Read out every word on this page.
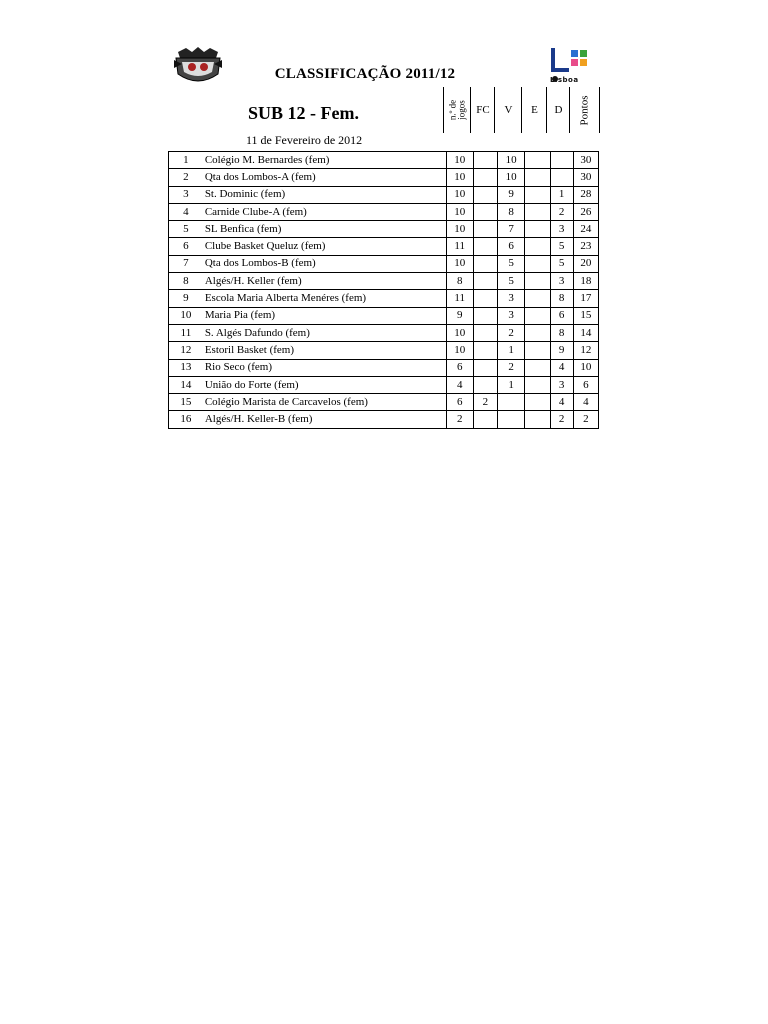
Lisboa
CLASSIFICAÇÃO 2011/12
SUB 12 - Fem.
11 de Fevereiro de 2012
n.º de jogos FC V E D Pontos
1	Colégio M. Bernardes (fem)	10		10			30
2	Qta dos Lombos-A (fem)	10		10			30
3	St. Dominic (fem)	10		9		1	28
4	Carnide Clube-A (fem)	10		8		2	26
5	SL Benfica (fem)	10		7		3	24
6	Clube Basket Queluz (fem)	11		6		5	23
7	Qta dos Lombos-B (fem)	10		5		5	20
8	Algés/H. Keller (fem)	8		5		3	18
9	Escola Maria Alberta Menéres (fem)	11		3		8	17
10	Maria Pia (fem)	9		3		6	15
11	S. Algés Dafundo (fem)	10		2		8	14
12	Estoril Basket (fem)	10		1		9	12
13	Rio Seco (fem)	6		2		4	10
14	União do Forte (fem)	4		1		3	6
15	Colégio Marista de Carcavelos (fem)	6	2			4	4
16	Algés/H. Keller-B (fem)	2				2	2
